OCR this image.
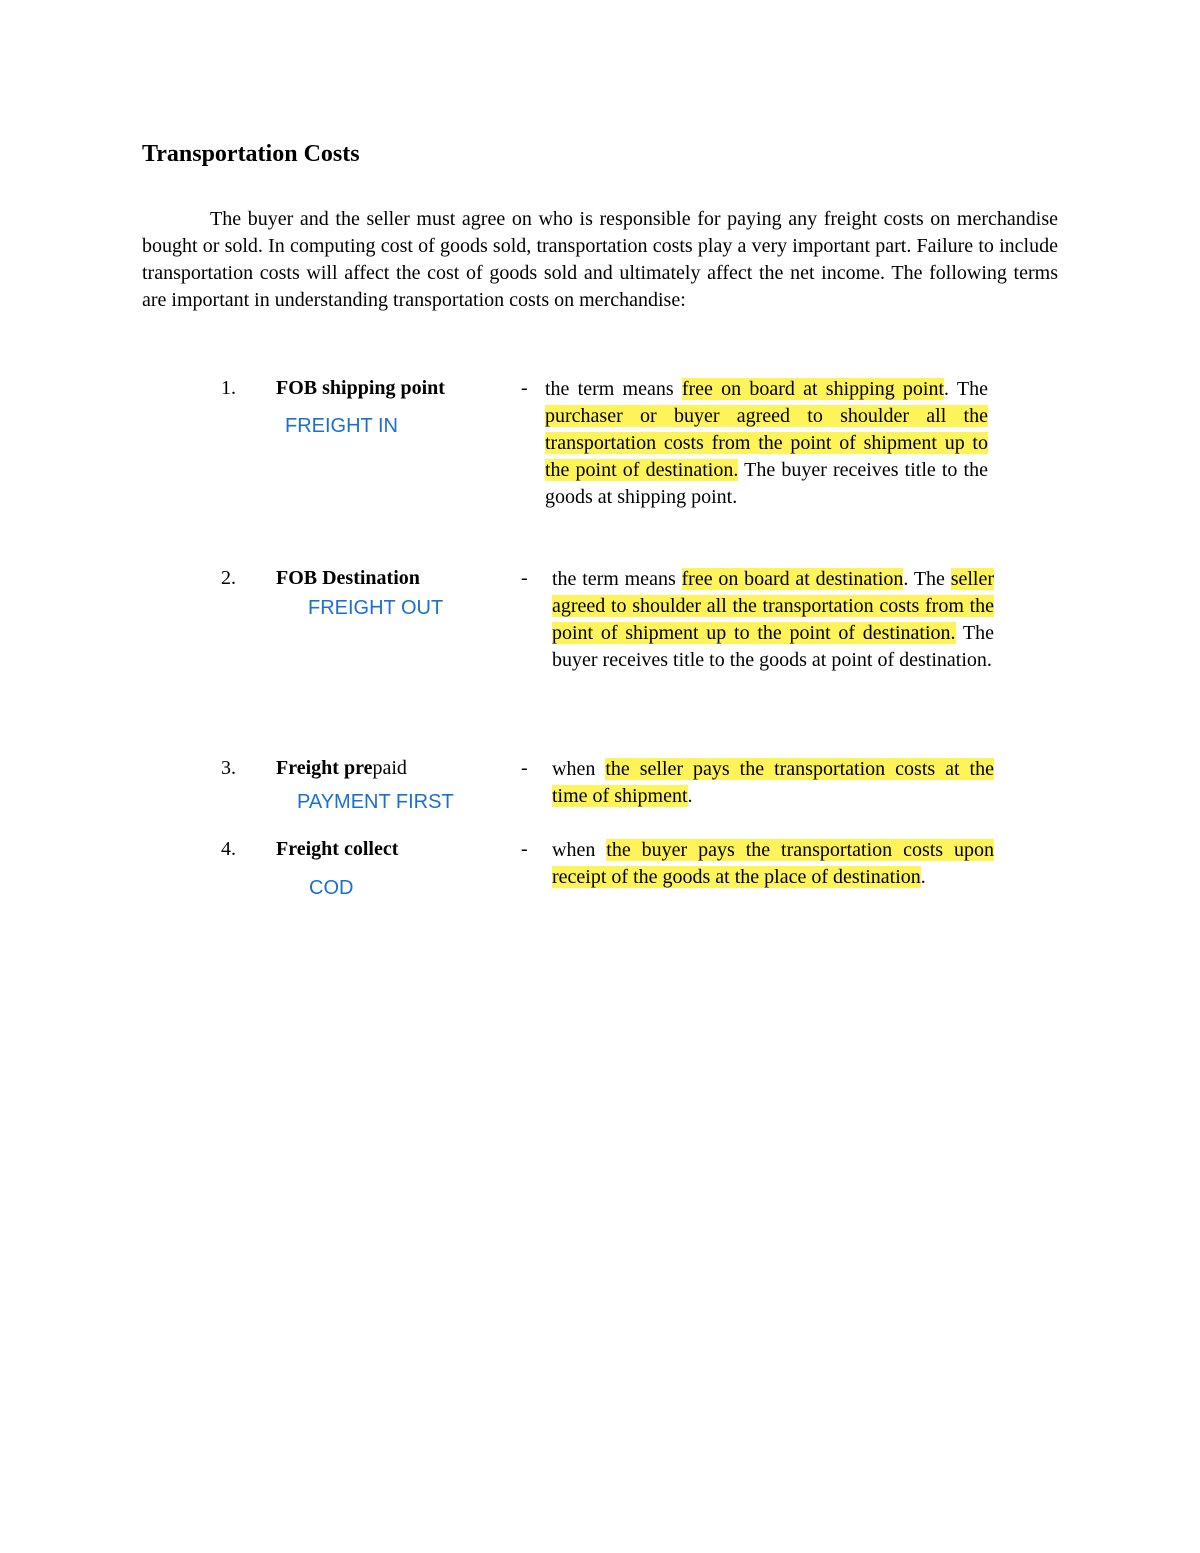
Transportation Costs

The buyer and the seller must agree on who is responsible for paying any freight costs on merchandise bought or sold. In computing cost of goods sold, transportation costs play a very important part. Failure to include transportation costs will affect the cost of goods sold and ultimately affect the net income. The following terms are important in understanding transportation costs on merchandise:

1. FOB shipping point
FREIGHT IN
- the term means free on board at shipping point. The purchaser or buyer agreed to shoulder all the transportation costs from the point of shipment up to the point of destination. The buyer receives title to the goods at shipping point.

2. FOB Destination
FREIGHT OUT
- the term means free on board at destination. The seller agreed to shoulder all the transportation costs from the point of shipment up to the point of destination. The buyer receives title to the goods at point of destination.

3. Freight prepaid
PAYMENT FIRST
- when the seller pays the transportation costs at the time of shipment.

4. Freight collect
COD
- when the buyer pays the transportation costs upon receipt of the goods at the place of destination.
